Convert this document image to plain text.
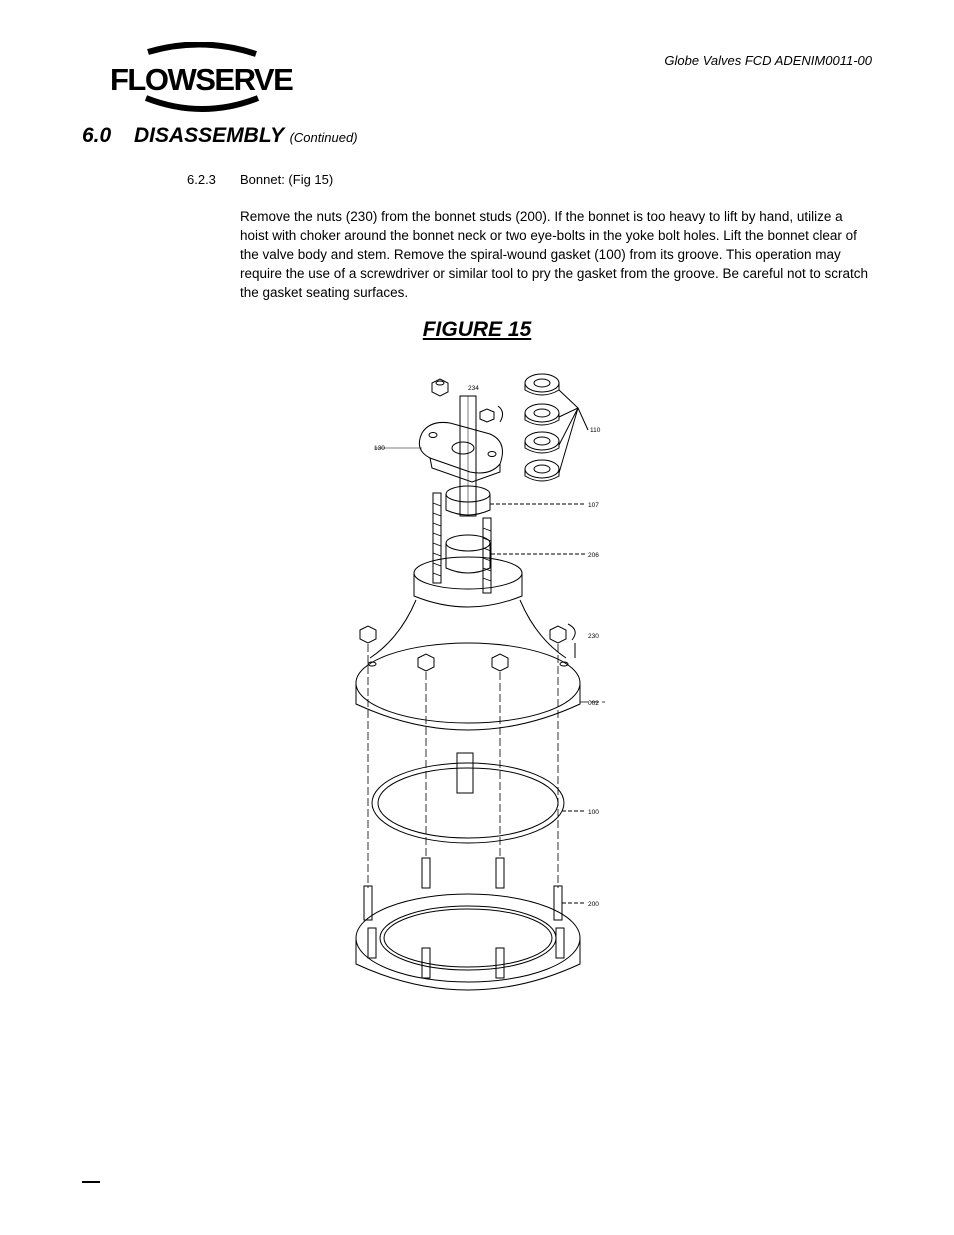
FLOWSERVE
Globe Valves FCD ADENIM0011-00
6.0 DISASSEMBLY (Continued)
6.2.3 Bonnet: (Fig 15)
Remove the nuts (230) from the bonnet studs (200). If the bonnet is too heavy to lift by hand, utilize a hoist with choker around the bonnet neck or two eye-bolts in the yoke bolt holes. Lift the bonnet clear of the valve body and stem. Remove the spiral-wound gasket (100) from its groove. This operation may require the use of a screwdriver or similar tool to pry the gasket from the groove. Be careful not to scratch the gasket seating surfaces.
FIGURE 15
234
130
110
107
206
230
002
100
200
